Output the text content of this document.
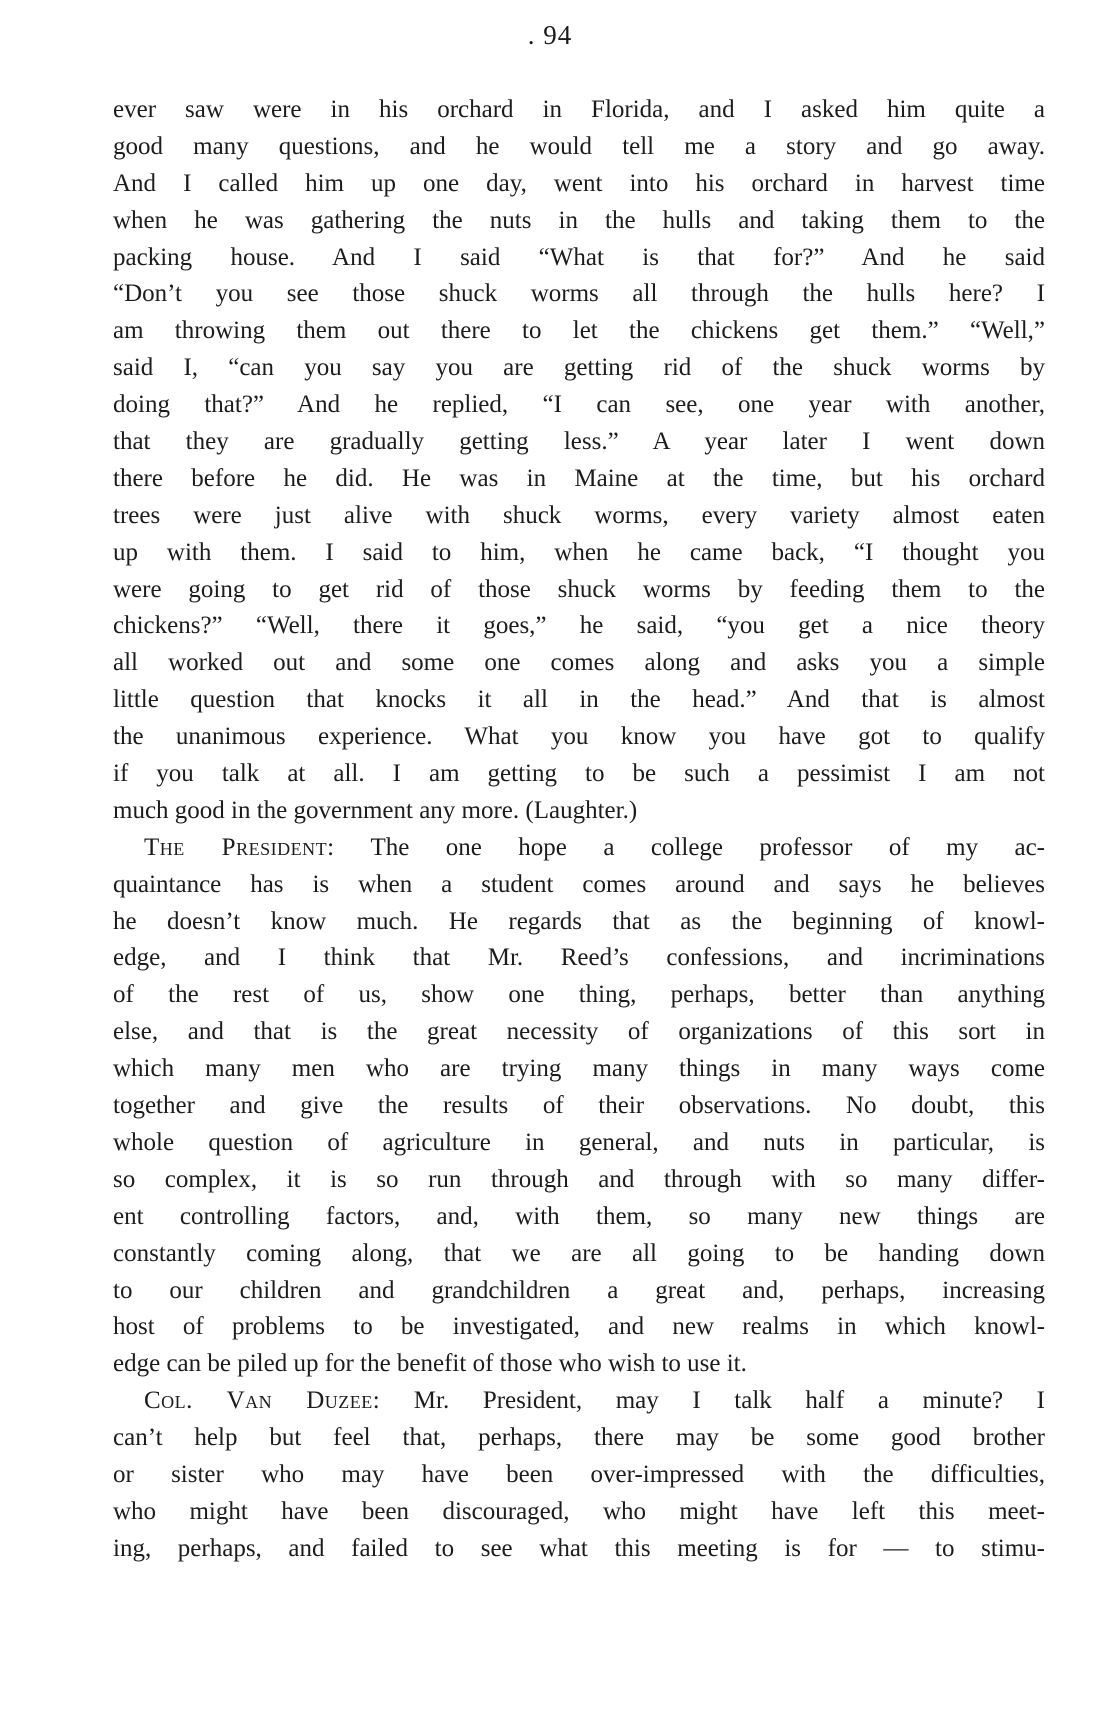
. 94
ever saw were in his orchard in Florida, and I asked him quite a
good many questions, and he would tell me a story and go away.
And I called him up one day, went into his orchard in harvest time
when he was gathering the nuts in the hulls and taking them to the
packing house. And I said “What is that for?” And he said
“Don’t you see those shuck worms all through the hulls here? I
am throwing them out there to let the chickens get them.” “Well,”
said I, “can you say you are getting rid of the shuck worms by
doing that?” And he replied, “I can see, one year with another,
that they are gradually getting less.” A year later I went down
there before he did. He was in Maine at the time, but his orchard
trees were just alive with shuck worms, every variety almost eaten
up with them. I said to him, when he came back, “I thought you
were going to get rid of those shuck worms by feeding them to the
chickens?” “Well, there it goes,” he said, “you get a nice theory
all worked out and some one comes along and asks you a simple
little question that knocks it all in the head.” And that is almost
the unanimous experience. What you know you have got to qualify
if you talk at all. I am getting to be such a pessimist I am not
much good in the government any more. (Laughter.)
The President: The one hope a college professor of my ac-
quaintance has is when a student comes around and says he believes
he doesn’t know much. He regards that as the beginning of knowl-
edge, and I think that Mr. Reed’s confessions, and incriminations
of the rest of us, show one thing, perhaps, better than anything
else, and that is the great necessity of organizations of this sort in
which many men who are trying many things in many ways come
together and give the results of their observations. No doubt, this
whole question of agriculture in general, and nuts in particular, is
so complex, it is so run through and through with so many differ-
ent controlling factors, and, with them, so many new things are
constantly coming along, that we are all going to be handing down
to our children and grandchildren a great and, perhaps, increasing
host of problems to be investigated, and new realms in which knowl-
edge can be piled up for the benefit of those who wish to use it.
Col. Van Duzee: Mr. President, may I talk half a minute? I
can’t help but feel that, perhaps, there may be some good brother
or sister who may have been over-impressed with the difficulties,
who might have been discouraged, who might have left this meet-
ing, perhaps, and failed to see what this meeting is for — to stimu-
